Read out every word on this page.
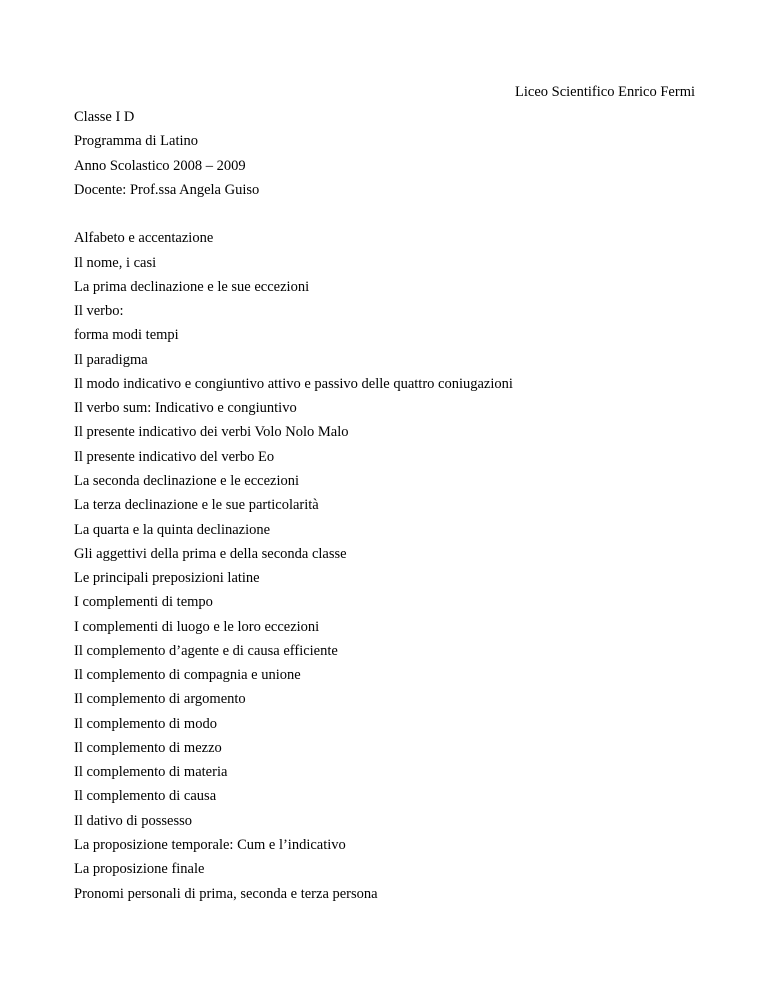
Liceo Scientifico Enrico Fermi
Classe I D
Programma di Latino
Anno Scolastico 2008 – 2009
Docente: Prof.ssa Angela Guiso
Alfabeto e accentazione
Il nome, i casi
La prima declinazione e le sue eccezioni
Il verbo:
forma modi tempi
Il paradigma
Il modo indicativo e congiuntivo attivo e passivo delle quattro coniugazioni
Il verbo sum: Indicativo e congiuntivo
Il presente indicativo dei verbi Volo Nolo Malo
Il presente indicativo del verbo Eo
La seconda declinazione e le eccezioni
La terza declinazione e le sue particolarità
La quarta e la quinta declinazione
Gli aggettivi della prima e della seconda classe
Le principali preposizioni latine
I complementi di tempo
I complementi di luogo e le loro eccezioni
Il complemento d’agente e di causa efficiente
Il complemento di compagnia e unione
Il complemento di argomento
Il complemento di modo
Il complemento di mezzo
Il complemento di materia
Il complemento di causa
Il dativo di possesso
La proposizione temporale: Cum e l’indicativo
La proposizione finale
Pronomi personali di prima, seconda e terza persona
